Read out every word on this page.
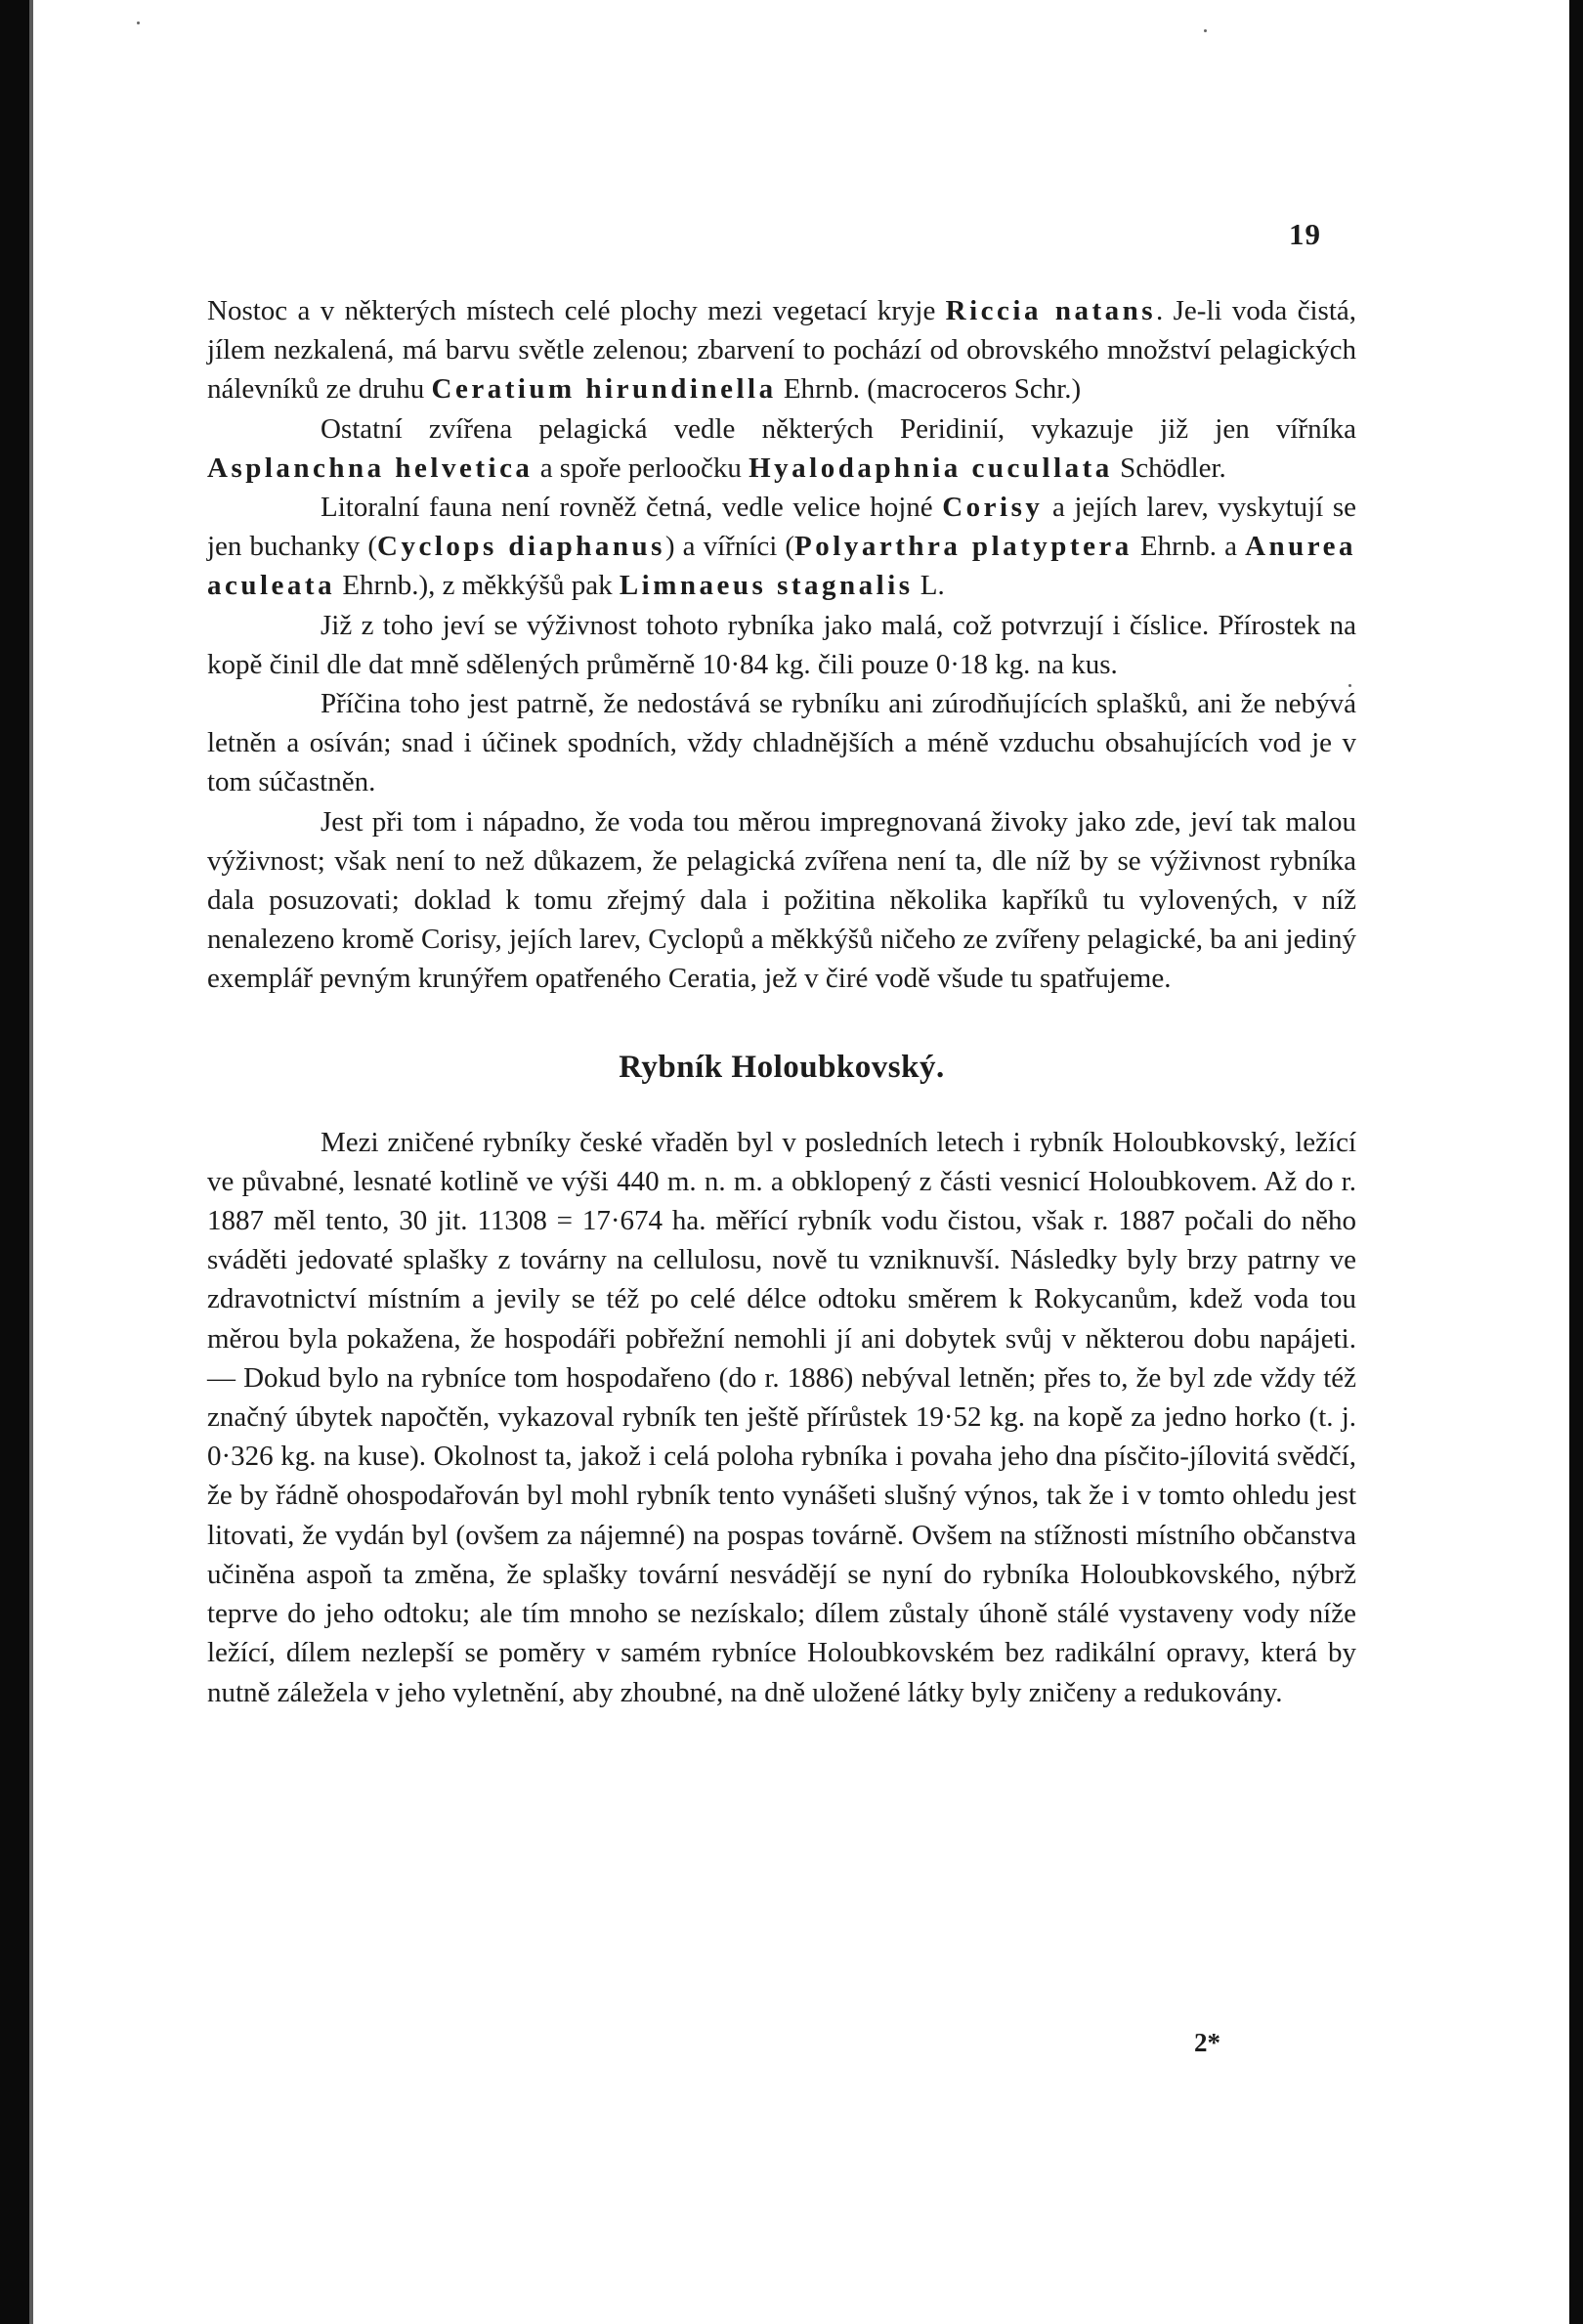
19

Nostoc a v některých místech celé plochy mezi vegetací kryje Riccia natans. Je-li voda čistá, jílem nezkalená, má barvu světle zelenou; zbarvení to pochází od obrovského množství pelagických nálevníků ze druhu Ceratium hirundinella Ehrnb. (macroceros Schr.)

Ostatní zvířena pelagická vedle některých Peridinií, vykazuje již jen vířníka Asplanchna helvetica a spoře perloočku Hyalodaphnia cucullata Schödler.

Litoralní fauna není rovněž četná, vedle velice hojné Corisy a jejích larev, vyskytují se jen buchanky (Cyclops diaphanus) a vířníci (Polyarthra platyptera Ehrnb. a Anurea aculeata Ehrnb.), z měkkýšů pak Limnaeus stagnalis L.

Již z toho jeví se výživnost tohoto rybníka jako malá, což potvrzují i číslice. Přírostek na kopě činil dle dat mně sdělených průměrně 10·84 kg. čili pouze 0·18 kg. na kus.

Příčina toho jest patrně, že nedostává se rybníku ani zúrodňujících splašků, ani že nebývá letněn a osíván; snad i účinek spodních, vždy chladnějších a méně vzduchu obsahujících vod je v tom súčastněn.

Jest při tom i nápadno, že voda tou měrou impregnovaná živoky jako zde, jeví tak malou výživnost; však není to než důkazem, že pelagická zvířena není ta, dle níž by se výživnost rybníka dala posuzovati; doklad k tomu zřejmý dala i požitina několika kapříků tu vylovených, v níž nenalezeno kromě Corisy, jejích larev, Cyclopů a měkkýšů ničeho ze zvířeny pelagické, ba ani jediný exemplář pevným krunýřem opatřeného Ceratia, jež v čiré vodě všude tu spatřujeme.

Rybník Holoubkovský.

Mezi zničené rybníky české vřaděn byl v posledních letech i rybník Holoubkovský, ležící ve půvabné, lesnaté kotlině ve výši 440 m. n. m. a obklopený z části vesnicí Holoubkovem. Až do r. 1887 měl tento, 30 jit. 11308 = 17·674 ha. měřící rybník vodu čistou, však r. 1887 počali do něho sváděti jedovaté splašky z továrny na cellulosu, nově tu vzniknuvší. Následky byly brzy patrny ve zdravotnictví místním a jevily se též po celé délce odtoku směrem k Rokycanům, kdež voda tou měrou byla pokažena, že hospodáři pobřežní nemohli jí ani dobytek svůj v některou dobu napájeti. — Dokud bylo na rybníce tom hospodařeno (do r. 1886) nebýval letněn; přes to, že byl zde vždy též značný úbytek napočtěn, vykazoval rybník ten ještě přírůstek 19·52 kg. na kopě za jedno horko (t. j. 0·326 kg. na kuse). Okolnost ta, jakož i celá poloha rybníka i povaha jeho dna písčito-jílovitá svědčí, že by řádně ohospodařován byl mohl rybník tento vynášeti slušný výnos, tak že i v tomto ohledu jest litovati, že vydán byl (ovšem za nájemné) na pospas továrně. Ovšem na stížnosti místního občanstva učiněna aspoň ta změna, že splašky tovární nesvádějí se nyní do rybníka Holoubkovského, nýbrž teprve do jeho odtoku; ale tím mnoho se nezískalo; dílem zůstaly úhoně stálé vystaveny vody níže ležící, dílem nezlepší se poměry v samém rybníce Holoubkovském bez radikální opravy, která by nutně záležela v jeho vyletnění, aby zhoubné, na dně uložené látky byly zničeny a redukovány.

2*
